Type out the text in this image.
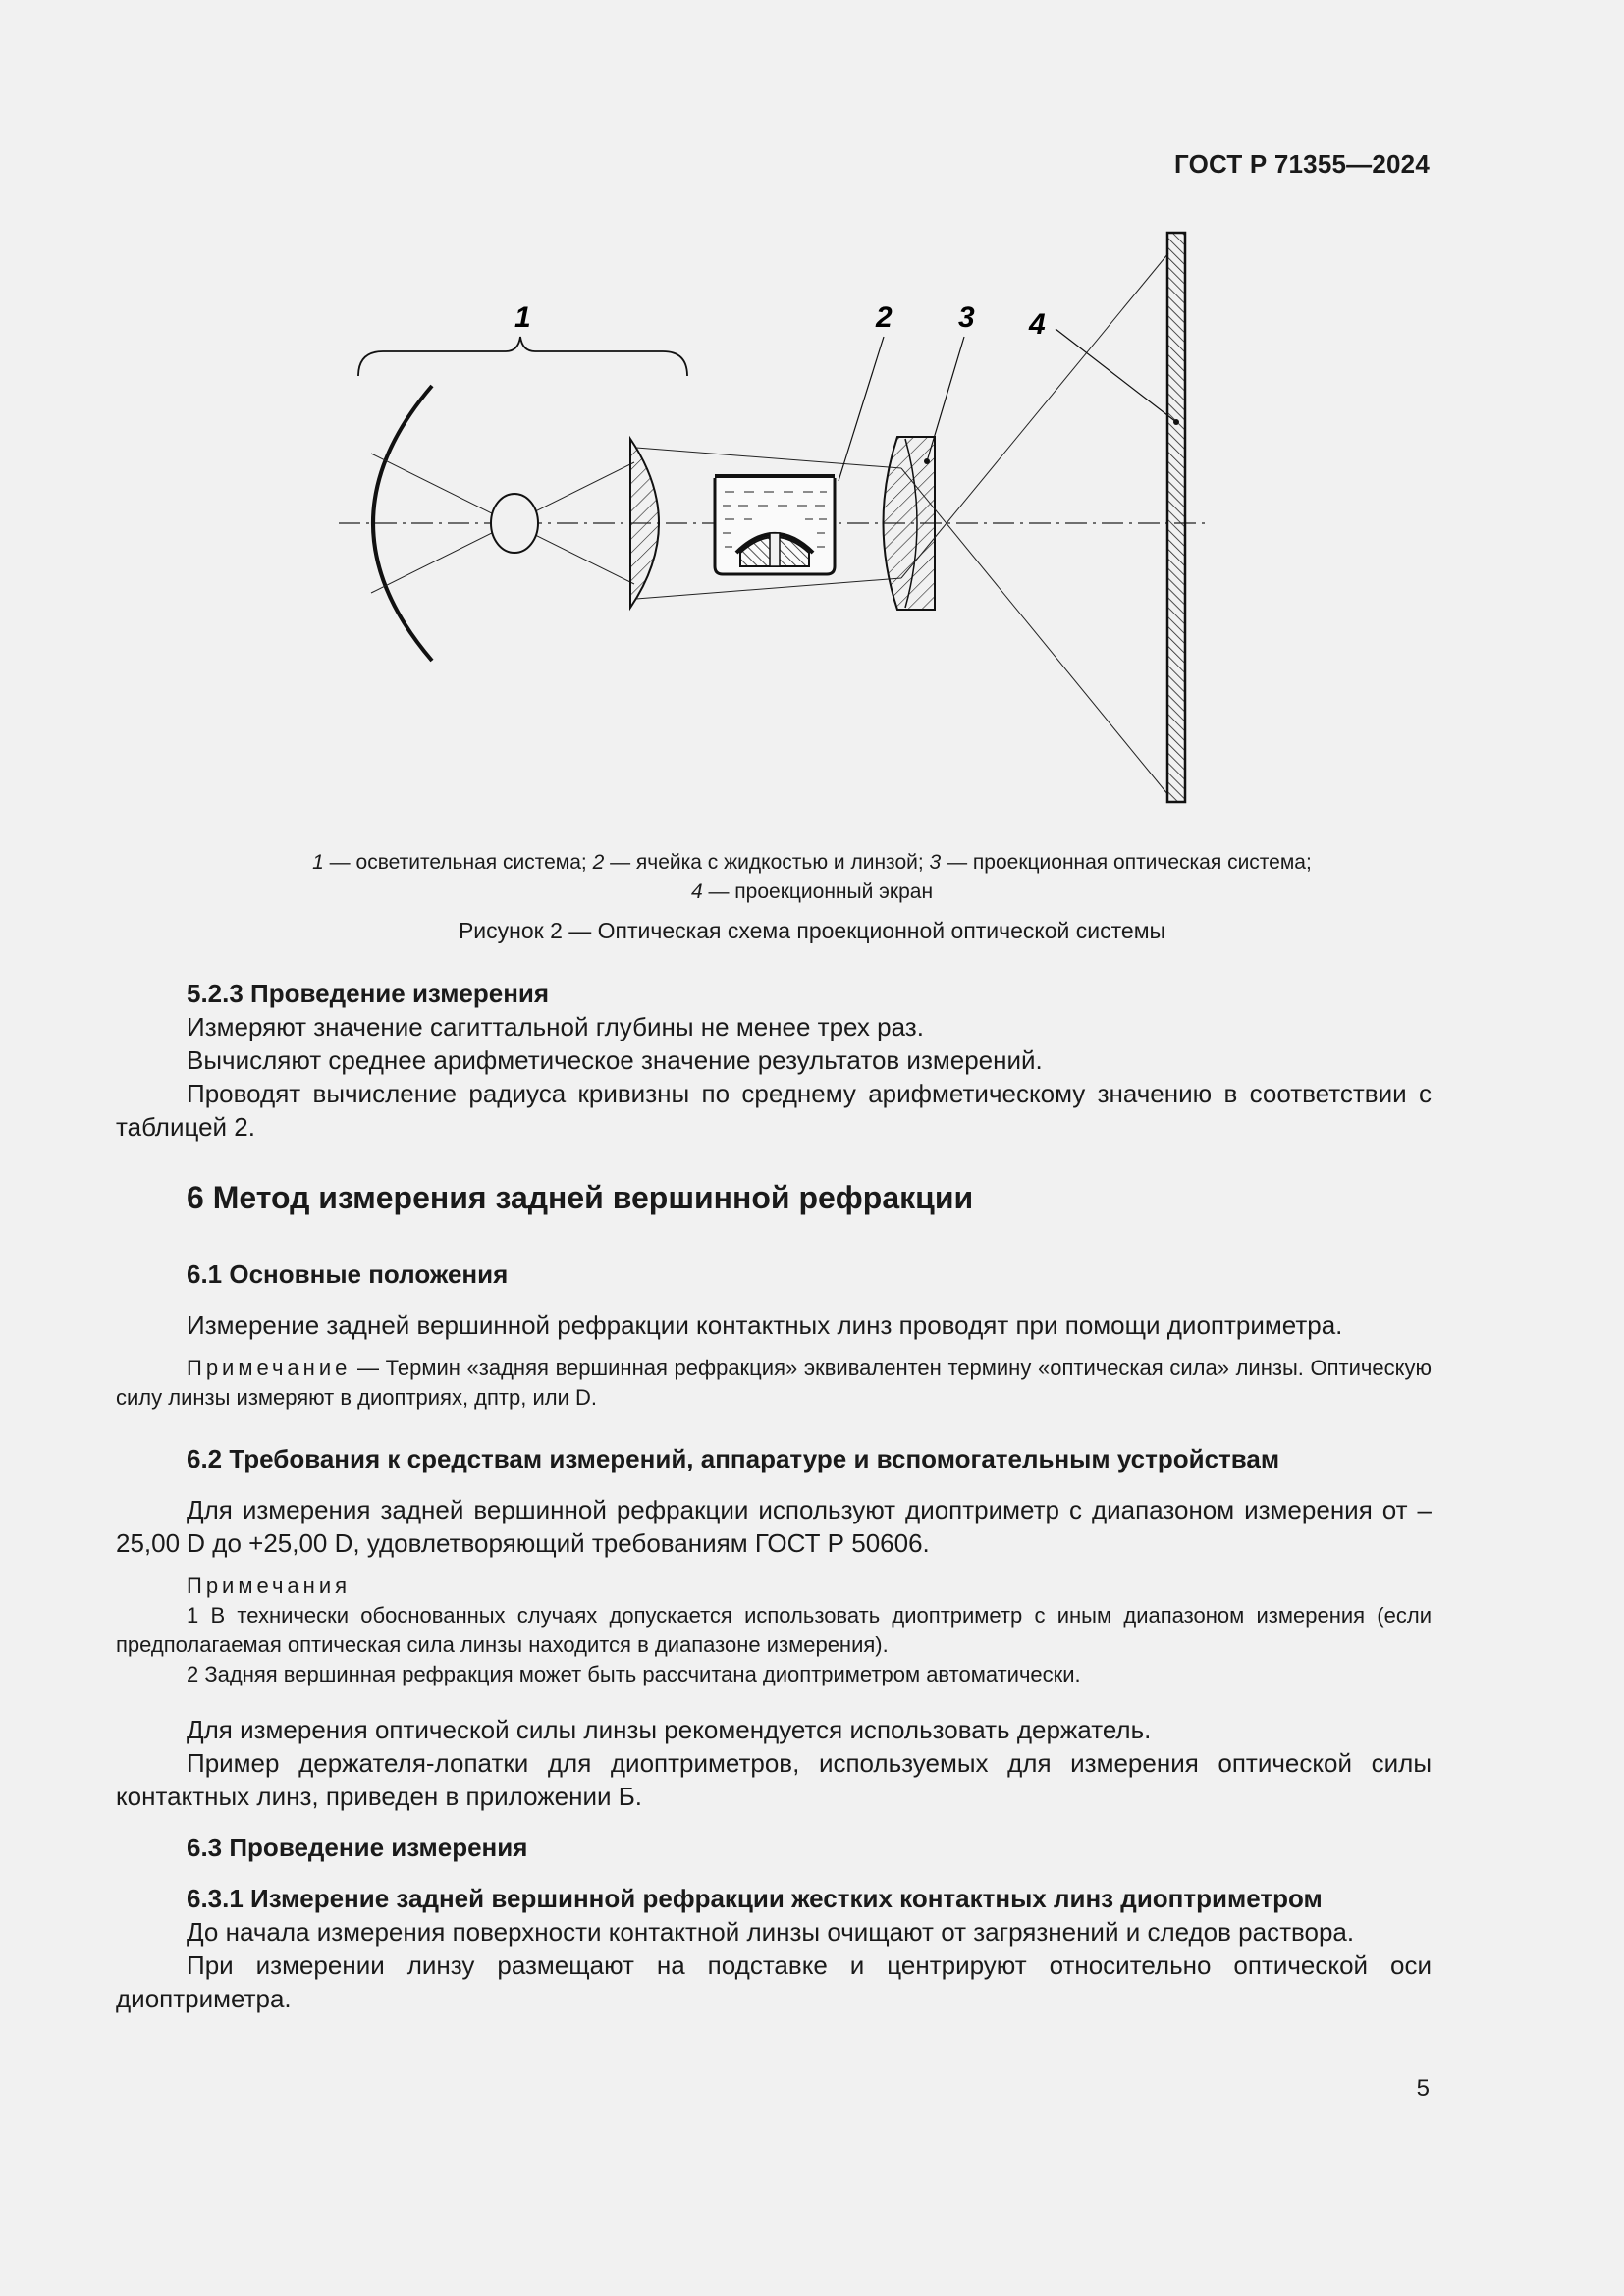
ГОСТ Р 71355—2024
1	2 3 4
1 — осветительная система; 2 — ячейка с жидкостью и линзой; 3 — проекционная оптическая система;
4 — проекционный экран
Рисунок 2 — Оптическая схема проекционной оптической системы

5.2.3 Проведение измерения

Измеряют значение сагиттальной глубины не менее трех раз.

Вычисляют среднее арифметическое значение результатов измерений.

Проводят вычисление радиуса кривизны по среднему арифметическому значению в соответствии с таблицей 2.

6 Метод измерения задней вершинной рефракции

6.1 Основные положения

Измерение задней вершинной рефракции контактных линз проводят при помощи диоптриметра.

Примечание — Термин «задняя вершинная рефракция» эквивалентен термину «оптическая сила» линзы. Оптическую силу линзы измеряют в диоптриях, дптр, или D.

6.2 Требования к средствам измерений, аппаратуре и вспомогательным устройствам

Для измерения задней вершинной рефракции используют диоптриметр с диапазоном измерения от –25,00 D до +25,00 D, удовлетворяющий требованиям ГОСТ Р 50606.

Примечания

1 В технически обоснованных случаях допускается использовать диоптриметр с иным диапазоном измерения (если предполагаемая оптическая сила линзы находится в диапазоне измерения).

2 Задняя вершинная рефракция может быть рассчитана диоптриметром автоматически.

Для измерения оптической силы линзы рекомендуется использовать держатель.

Пример держателя-лопатки для диоптриметров, используемых для измерения оптической силы контактных линз, приведен в приложении Б.

6.3 Проведение измерения

6.3.1 Измерение задней вершинной рефракции жестких контактных линз диоптриметром

До начала измерения поверхности контактной линзы очищают от загрязнений и следов раствора.

При измерении линзу размещают на подставке и центрируют относительно оптической оси диоптриметра.

5
